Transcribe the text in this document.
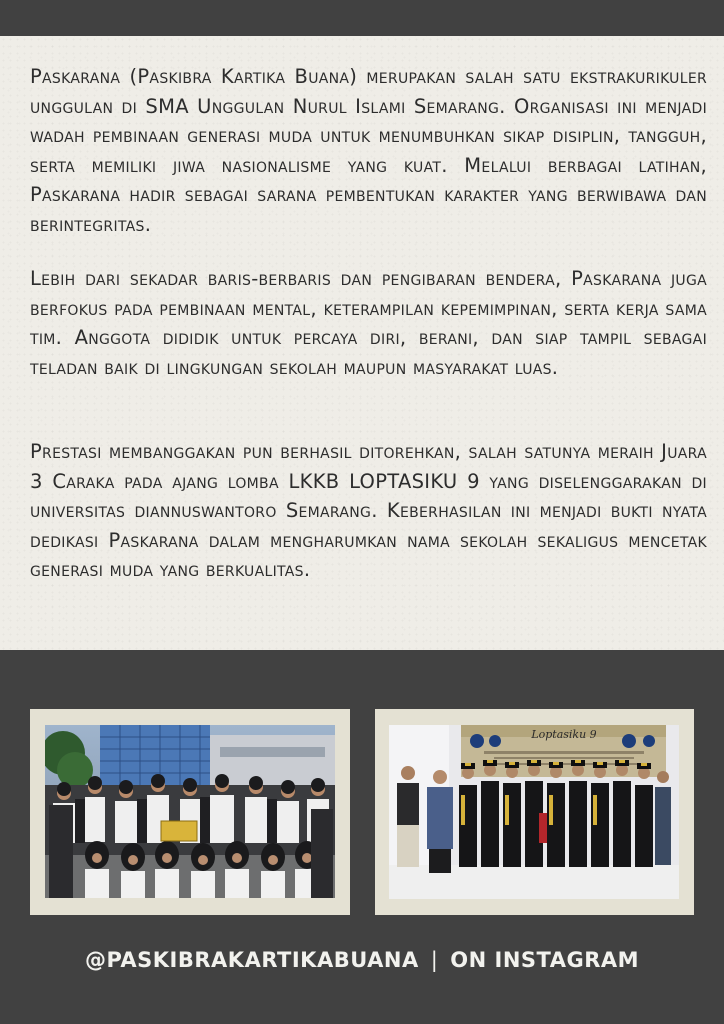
Paskarana (Paskibra Kartika Buana) merupakan salah satu ekstrakurikuler unggulan di SMA Unggulan Nurul Islami Semarang. Organisasi ini menjadi wadah pembinaan generasi muda untuk menumbuhkan sikap disiplin, tangguh, serta memiliki jiwa nasionalisme yang kuat. Melalui berbagai latihan, Paskarana hadir sebagai sarana pembentukan karakter yang berwibawa dan berintegritas.

Lebih dari sekadar baris-berbaris dan pengibaran bendera, Paskarana juga berfokus pada pembinaan mental, keterampilan kepemimpinan, serta kerja sama tim. Anggota dididik untuk percaya diri, berani, dan siap tampil sebagai teladan baik di lingkungan sekolah maupun masyarakat luas.

Prestasi membanggakan pun berhasil ditorehkan, salah satunya meraih Juara 3 Caraka pada ajang lomba LKKB LOPTASIKU 9 yang diselenggarakan di universitas diannuswantoro Semarang. Keberhasilan ini menjadi bukti nyata dedikasi Paskarana dalam mengharumkan nama sekolah sekaligus mencetak generasi muda yang berkualitas.

Loptasiku 9
@PASKIBRAKARTIKABUANA | ON INSTAGRAM
